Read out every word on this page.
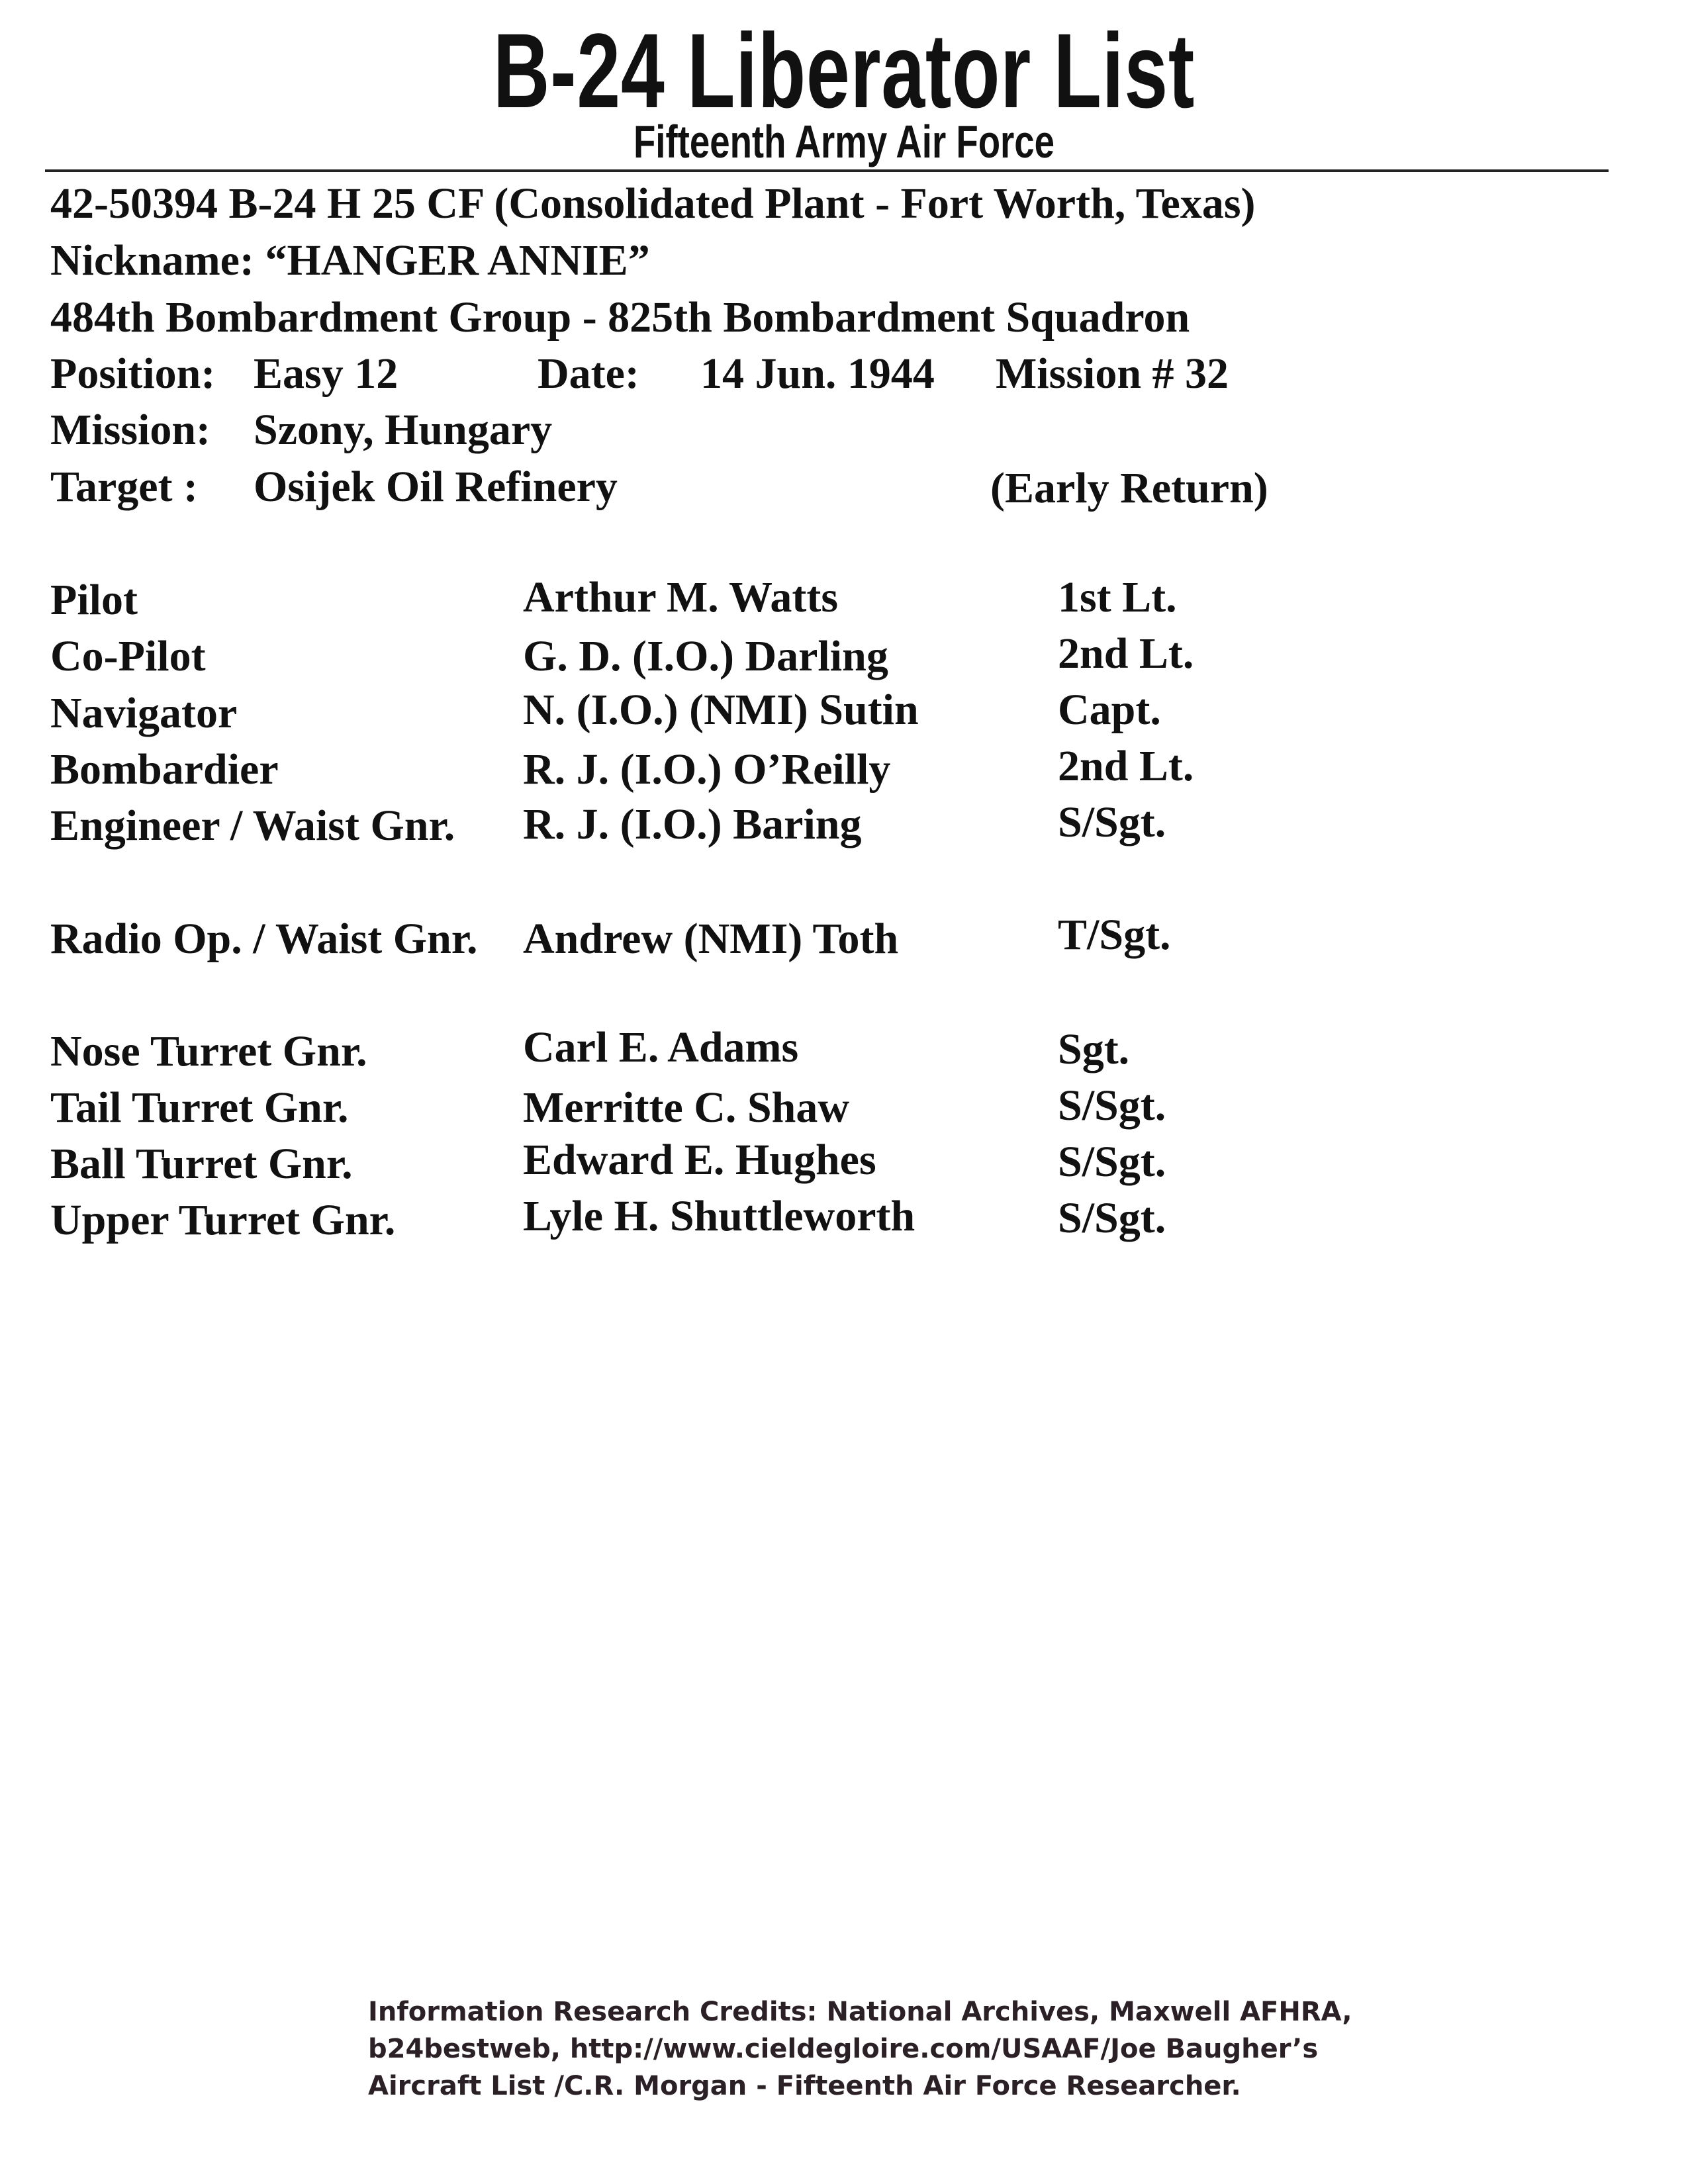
B-24 Liberator List
Fifteenth Army Air Force
42-50394 B-24 H 25 CF (Consolidated Plant - Fort Worth, Texas)
Nickname: “HANGER ANNIE”
484th Bombardment Group - 825th Bombardment Squadron
Position: Easy 12	Date: 14 Jun. 1944 Mission # 32
Mission: Szony, Hungary
Target : Osijek Oil Refinery	(Early Return)
Pilot	Arthur M. Watts	1st Lt.
Co-Pilot	G. D. (I.O.) Darling	2nd Lt.
Navigator	N. (I.O.) (NMI) Sutin	Capt.
Bombardier	R. J. (I.O.) O’Reilly	2nd Lt.
Engineer / Waist Gnr.	R. J. (I.O.) Baring	S/Sgt.
Radio Op. / Waist Gnr.	Andrew (NMI) Toth	T/Sgt.
Nose Turret Gnr.	Carl E. Adams	Sgt.
Tail Turret Gnr.	Merritte C. Shaw	S/Sgt.
Ball Turret Gnr.	Edward E. Hughes	S/Sgt.
Upper Turret Gnr.	Lyle H. Shuttleworth	S/Sgt.
Information Research Credits: National Archives, Maxwell AFHRA, b24bestweb, http://www.cieldegloire.com/USAAF/Joe Baugher’s Aircraft List /C.R. Morgan - Fifteenth Air Force Researcher.
